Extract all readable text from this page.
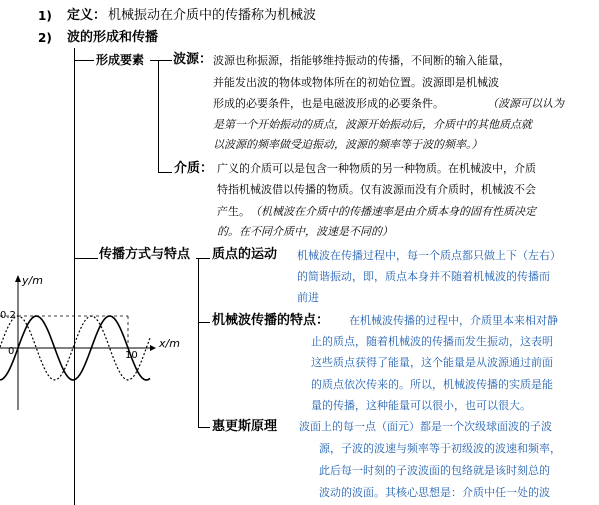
1) 定义： 机械振动在介质中的传播称为机械波
2) 波的形成和传播
形成要素 波源： 波源也称振源，指能够维持振动的传播，不间断的输入能量，
并能发出波的物体或物体所在的初始位置。波源即是机械波
形成的必要条件，也是电磁波形成的必要条件。	（波源可以认为
是第一个开始振动的质点，波源开始振动后，介质中的其他质点就
以波源的频率做受迫振动，波源的频率等于波的频率。）
介质： 广义的介质可以是包含一种物质的另一种物质。在机械波中，介质
特指机械波借以传播的物质。仅有波源而没有介质时，机械波不会
产生。 （机械波在介质中的传播速率是由介质本身的固有性质决定
的。在不同介质中，波速是不同的）
传播方式与特点 质点的运动 机械波在传播过程中，每一个质点都只做上下（左右）
的简谐振动，即，质点本身并不随着机械波的传播而
前进
机械波传播的特点： 在机械波传播的过程中，介质里本来相对静
止的质点，随着机械波的传播而发生振动，这表明
这些质点获得了能量，这个能量是从波源通过前面
的质点依次传来的。所以，机械波传播的实质是能
量的传播，这种能量可以很小，也可以很大。
惠更斯原理 波面上的每一点（面元）都是一个次级球面波的子波
源，子波的波速与频率等于初级波的波速和频率，
此后每一时刻的子波波面的包络就是该时刻总的
波动的波面。其核心思想是：介质中任一处的波
y/m
x/m
0.2
0	10
